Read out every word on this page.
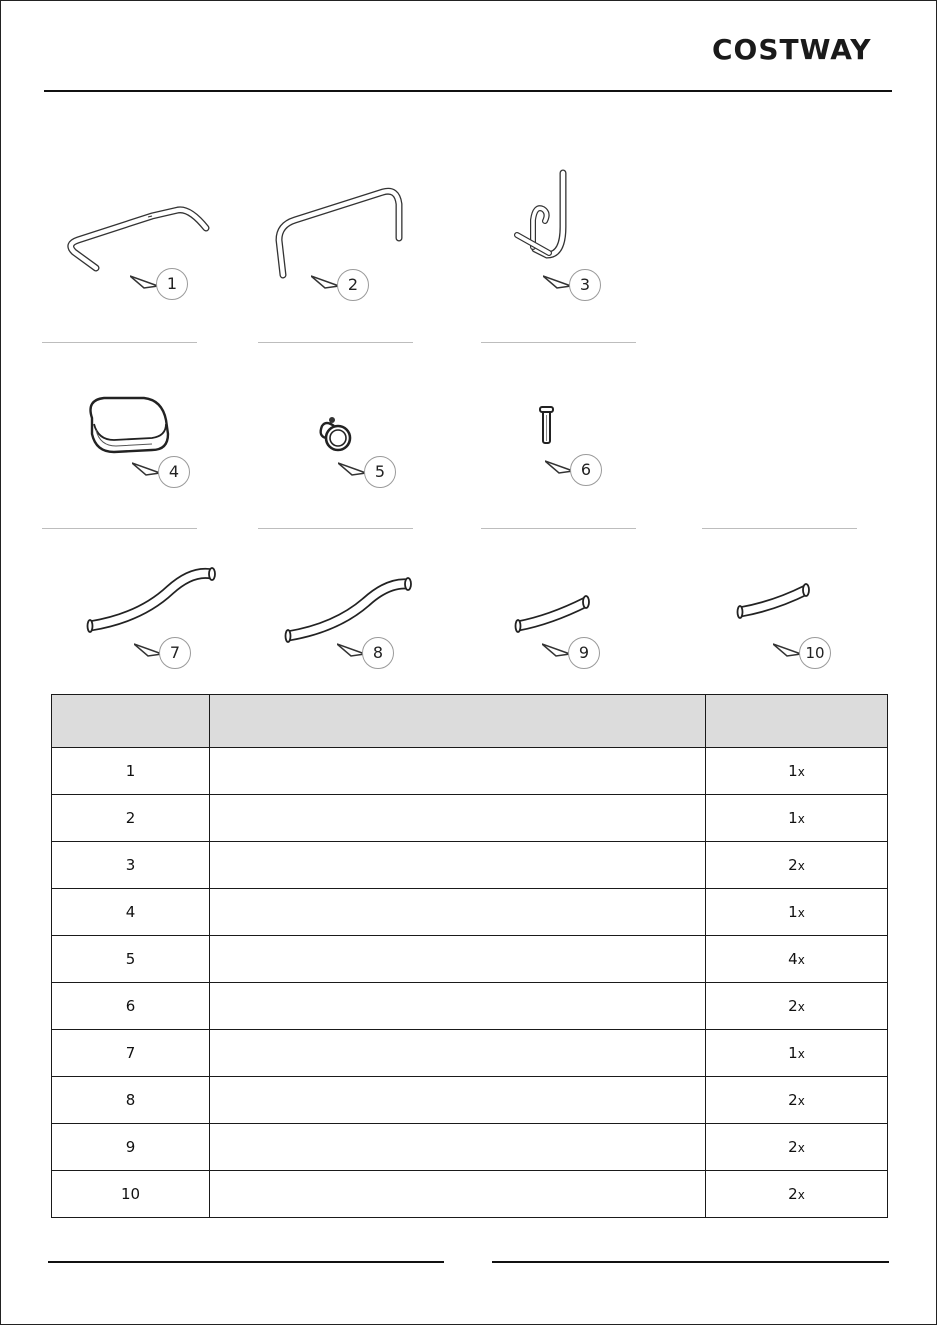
COSTWAY
1	2	3
4	5	6
7	8	9	10

1		1x
2		1x
3		2x
4		1x
5		4x
6		2x
7		1x
8		2x
9		2x
10		2x
